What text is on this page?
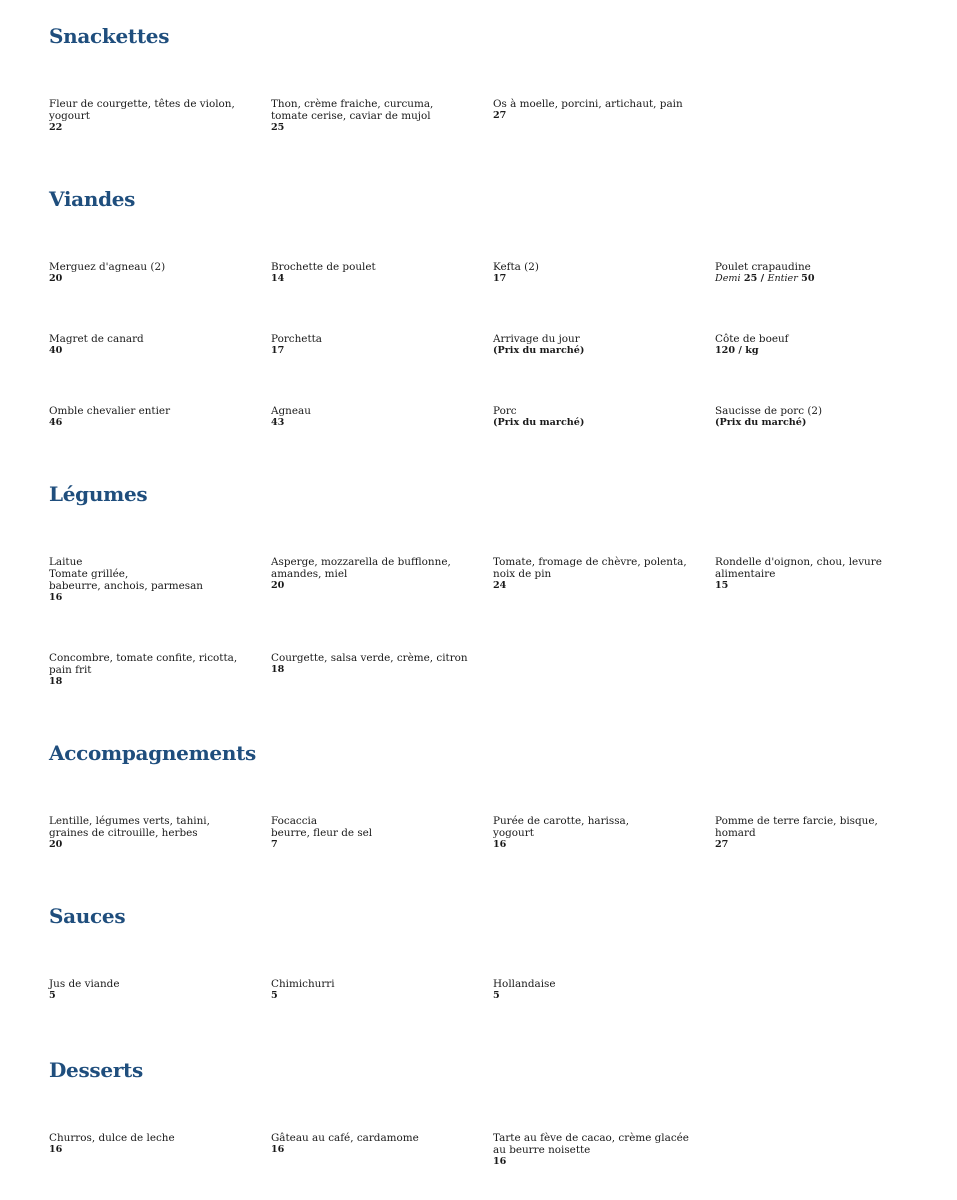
Snackettes
Fleur de courgette, têtes de violon,
yogourt
22
Thon, crème fraiche, curcuma,
tomate cerise, caviar de mujol
25
Os à moelle, porcini, artichaut, pain
27
Viandes
Merguez d'agneau (2)
20
Brochette de poulet
14
Kefta (2)
17
Poulet crapaudine
Demi 25 / Entier 50
Magret de canard
40
Porchetta
17
Arrivage du jour
(Prix du marché)
Côte de boeuf
120 / kg
Omble chevalier entier
46
Agneau
43
Porc
(Prix du marché)
Saucisse de porc (2)
(Prix du marché)
Légumes
Laitue
Tomate grillée,
babeurre, anchois, parmesan
16
Asperge, mozzarella de bufflonne,
amandes, miel
20
Tomate, fromage de chèvre, polenta,
noix de pin
24
Rondelle d'oignon, chou, levure
alimentaire
15
Concombre, tomate confite, ricotta,
pain frit
18
Courgette, salsa verde, crème, citron
18
Accompagnements
Lentille, légumes verts, tahini,
graines de citrouille, herbes
20
Focaccia
beurre, fleur de sel
7
Purée de carotte, harissa,
yogourt
16
Pomme de terre farcie, bisque,
homard
27
Sauces
Jus de viande
5
Chimichurri
5
Hollandaise
5
Desserts
Churros, dulce de leche
16
Gâteau au café, cardamome
16
Tarte au fève de cacao, crème glacée
au beurre noisette
16
